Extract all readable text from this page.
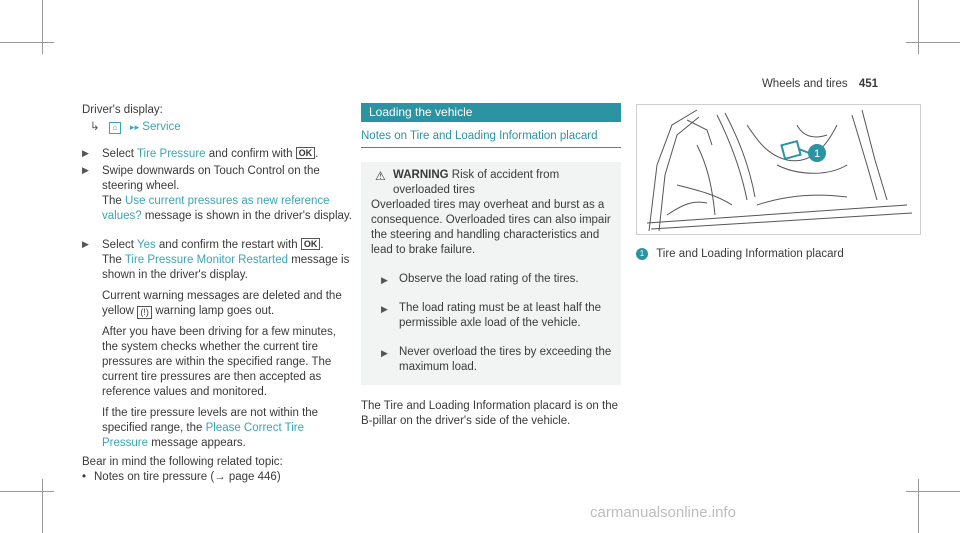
Wheels and tires 451

Driver's display:

↳ ⌂ ▸▸ Service

▶	Select Tire Pressure and confirm with OK .

▶	Swipe downwards on Touch Control on the steering wheel.

The Use current pressures as new reference values? message is shown in the driver's display.

▶	Select Yes and confirm the restart with OK .

The Tire Pressure Monitor Restarted message is shown in the driver's display.

Current warning messages are deleted and the yellow (!) warning lamp goes out.

After you have been driving for a few minutes, the system checks whether the current tire pressures are within the specified range. The current tire pressures are then accepted as reference values and monitored.

If the tire pressure levels are not within the specified range, the Please Correct Tire Pressure message appears.

Bear in mind the following related topic:

• Notes on tire pressure (→ page 446)

Loading the vehicle
Notes on Tire and Loading Information placard
⚠ WARNING Risk of accident from overloaded tires

Overloaded tires may overheat and burst as a consequence. Overloaded tires can also impair the steering and handling characteristics and lead to brake failure.

▶ Observe the load rating of the tires.
▶ The load rating must be at least half the permissible axle load of the vehicle.
▶ Never overload the tires by exceeding the maximum load.

The Tire and Loading Information placard is on the B-pillar on the driver's side of the vehicle.

1
1 Tire and Loading Information placard
carmanualsonline.info
